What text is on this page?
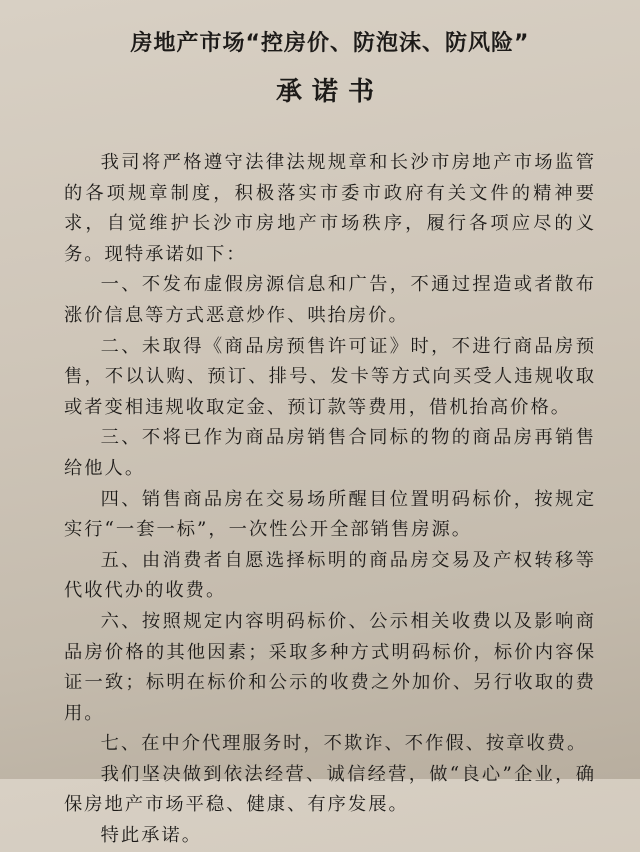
房地产市场“控房价、防泡沫、防风险”
承诺书

我司将严格遵守法律法规规章和长沙市房地产市场监管的各项规章制度，积极落实市委市政府有关文件的精神要求，自觉维护长沙市房地产市场秩序，履行各项应尽的义务。现特承诺如下：

一、不发布虚假房源信息和广告，不通过捏造或者散布涨价信息等方式恶意炒作、哄抬房价。

二、未取得《商品房预售许可证》时，不进行商品房预售，不以认购、预订、排号、发卡等方式向买受人违规收取或者变相违规收取定金、预订款等费用，借机抬高价格。

三、不将已作为商品房销售合同标的物的商品房再销售给他人。

四、销售商品房在交易场所醒目位置明码标价，按规定实行“一套一标”，一次性公开全部销售房源。

五、由消费者自愿选择标明的商品房交易及产权转移等代收代办的收费。

六、按照规定内容明码标价、公示相关收费以及影响商品房价格的其他因素；采取多种方式明码标价，标价内容保证一致；标明在标价和公示的收费之外加价、另行收取的费用。

七、在中介代理服务时，不欺诈、不作假、按章收费。

我们坚决做到依法经营、诚信经营，做“良心”企业，确保房地产市场平稳、健康、有序发展。

特此承诺。
